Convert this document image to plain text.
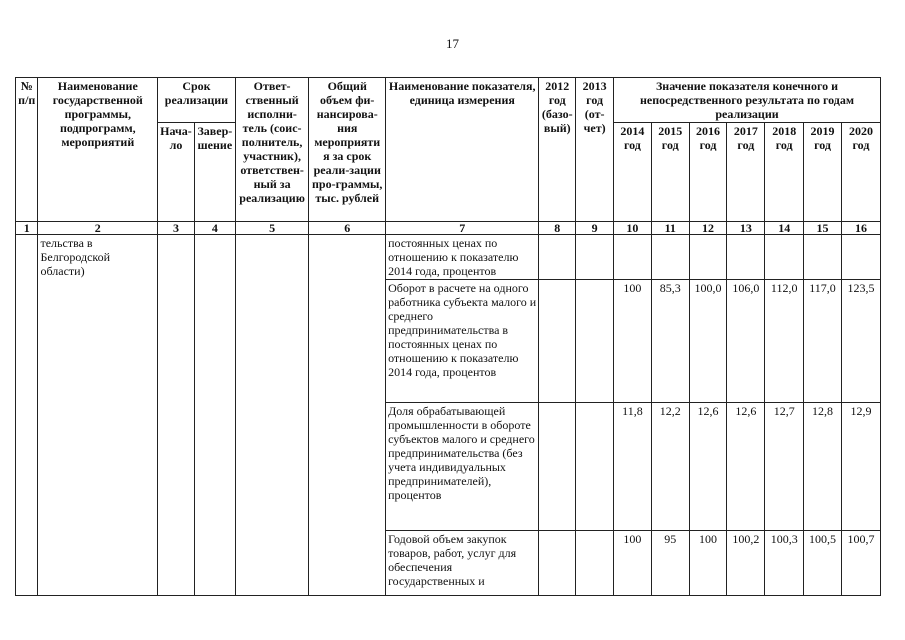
17
№ п/п	Наименование государственной программы, подпрограмм, мероприятий	Срок реализации		Ответ-ственный исполни-тель (соис-полнитель, участник), ответствен-ный за реализацию	Общий объем фи-нансирова-ния мероприятия за срок реали-зации про-граммы, тыс. рублей	Наименование показателя, единица измерения	2012 год (базо-вый)	2013 год (от-чет)	Значение показателя конечного и непосредственного результата по годам реализации						
		Нача-ло	Завер-шение						2014 год	2015 год	2016 год	2017 год	2018 год	2019 год	2020 год
1	2	3	4	5	6	7	8	9	10	11	12	13	14	15	16
	тельства в Белгородской области)					постоянных ценах по отношению к показателю 2014 года, процентов									
						Оборот в расчете на одного работника субъекта малого и среднего предпринимательства в постоянных ценах по отношению к показателю 2014 года, процентов			100	85,3	100,0	106,0	112,0	117,0	123,5
						Доля обрабатывающей промышленности в обороте субъектов малого и среднего предпринимательства (без учета индивидуальных предпринимателей), процентов			11,8	12,2	12,6	12,6	12,7	12,8	12,9
						Годовой объем закупок товаров, работ, услуг для обеспечения государственных и			100	95	100	100,2	100,3	100,5	100,7
